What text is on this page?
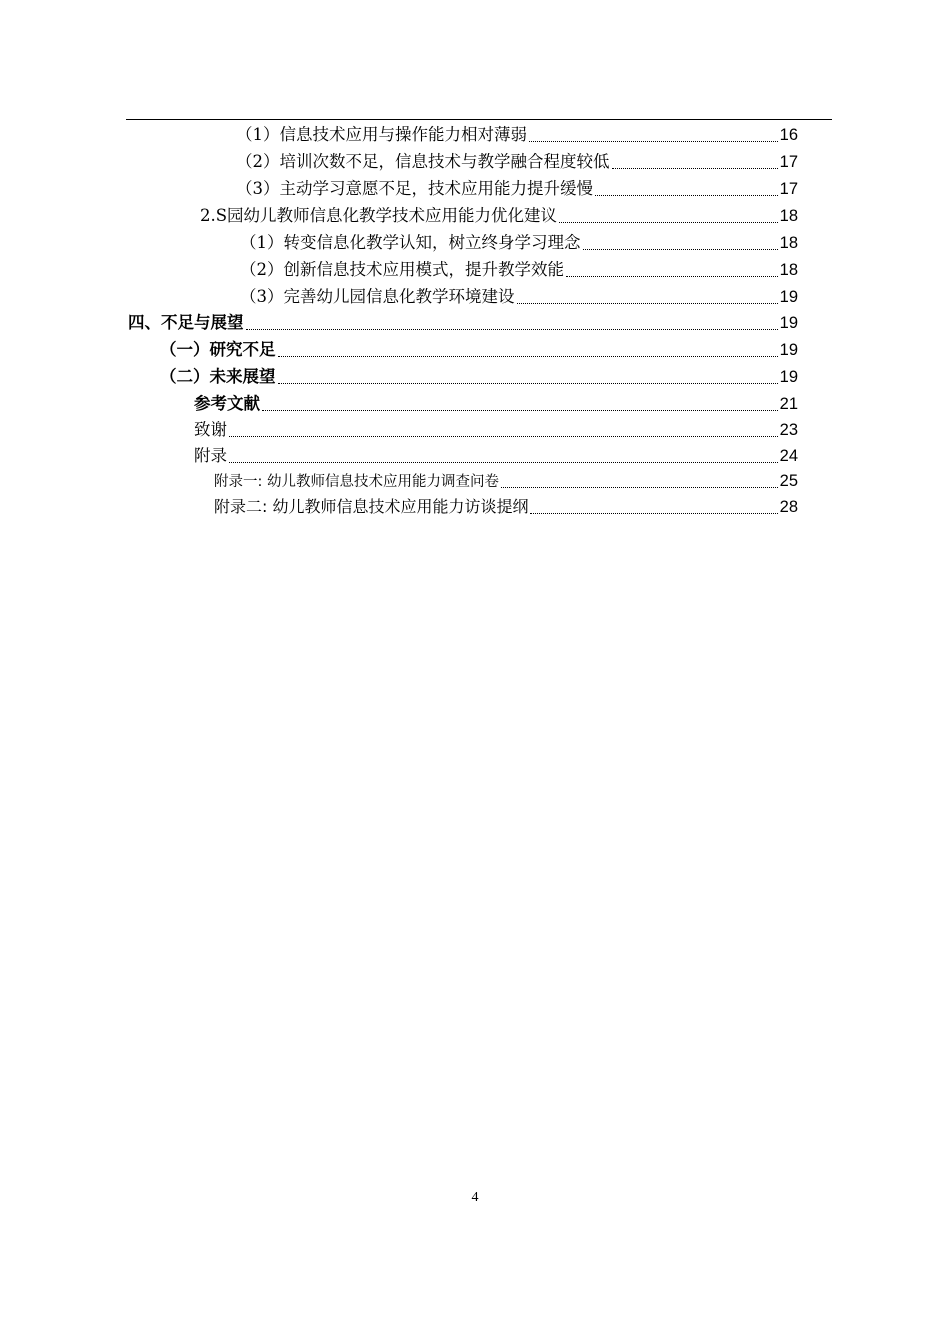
（1）信息技术应用与操作能力相对薄弱	16
（2）培训次数不足，信息技术与教学融合程度较低	17
（3）主动学习意愿不足，技术应用能力提升缓慢	17
2.S园幼儿教师信息化教学技术应用能力优化建议	18
（1）转变信息化教学认知，树立终身学习理念	18
（2）创新信息技术应用模式，提升教学效能	18
（3）完善幼儿园信息化教学环境建设	19
四、不足与展望	19
（一）研究不足	19
（二）未来展望	19
参考文献	21
致谢	23
附录	24
附录一: 幼儿教师信息技术应用能力调查问卷	25
附录二: 幼儿教师信息技术应用能力访谈提纲	28
4
